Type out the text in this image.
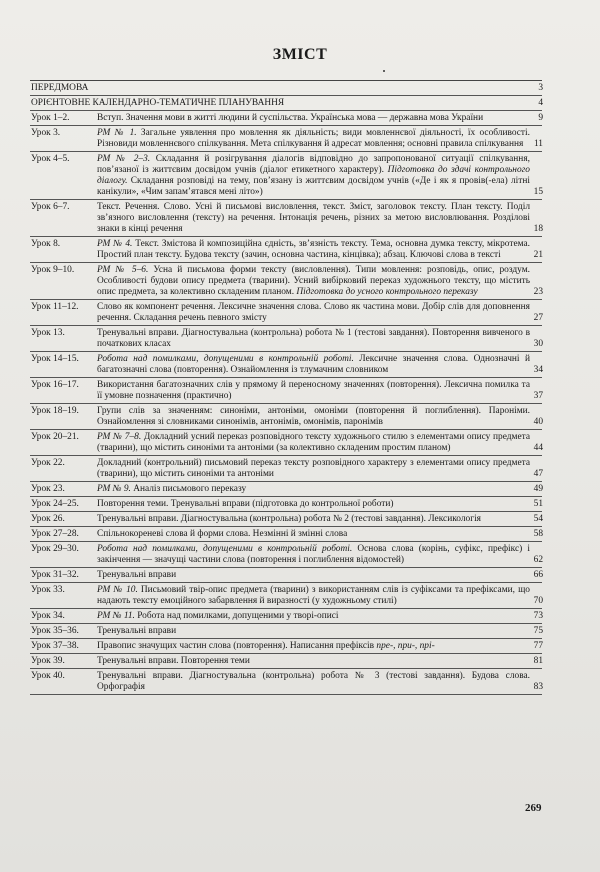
ЗМІСТ
ПЕРЕДМОВА	3
ОРІЄНТОВНЕ КАЛЕНДАРНО-ТЕМАТИЧНЕ ПЛАНУВАННЯ	4
Урок 1–2.	Вступ. Значення мови в житті людини й суспільства. Українська мова — державна мова України	9
Урок 3.	РМ № 1. Загальне уявлення про мовлення як діяльність; види мовленнєвої діяльності, їх особливості. Різновиди мовленнєвого спілкування. Мета спілкування й адресат мовлення; основні правила спілкування	11
Урок 4–5.	РМ № 2–3. Складання й розігрування діалогів відповідно до запропонованої ситуації спілкування, пов’язаної із життєвим досвідом учнів (діалог етикетного характеру). Підготовка до здачі контрольного діалогу. Складання розповіді на тему, пов’язану із життєвим досвідом учнів («Де і як я провів(-ела) літні канікули», «Чим запам’ятався мені літо»)	15
Урок 6–7.	Текст. Речення. Слово. Усні й письмові висловлення, текст. Зміст, заголовок тексту. План тексту. Поділ зв’язного висловлення (тексту) на речення. Інтонація речень, різних за метою висловлювання. Розділові знаки в кінці речення	18
Урок 8.	РМ № 4. Текст. Змістова й композиційна єдність, зв’язність тексту. Тема, основна думка тексту, мікротема. Простий план тексту. Будова тексту (зачин, основна частина, кінцівка); абзац. Ключові слова в тексті	21
Урок 9–10.	РМ № 5–6. Усна й письмова форми тексту (висловлення). Типи мовлення: розповідь, опис, роздум. Особливості будови опису предмета (тварини). Усний вибірковий переказ художнього тексту, що містить опис предмета, за колективно складеним планом. Підготовка до усного контрольного переказу	23
Урок 11–12.	Слово як компонент речення. Лексичне значення слова. Слово як частина мови. Добір слів для доповнення речення. Складання речень певного змісту	27
Урок 13.	Тренувальні вправи. Діагностувальна (контрольна) робота № 1 (тестові завдання). Повторення вивченого в початкових класах	30
Урок 14–15.	Робота над помилками, допущеними в контрольній роботі. Лексичне значення слова. Однозначні й багатозначні слова (повторення). Ознайомлення із тлумачним словником	34
Урок 16–17.	Використання багатозначних слів у прямому й переносному значеннях (повторення). Лексична помилка та її умовне позначення (практично)	37
Урок 18–19.	Групи слів за значенням: синоніми, антоніми, омоніми (повторення й поглиблення). Пароніми. Ознайомлення зі словниками синонімів, антонімів, омонімів, паронімів	40
Урок 20–21.	РМ № 7–8. Докладний усний переказ розповідного тексту художнього стилю з елементами опису предмета (тварини), що містить синоніми та антоніми (за колективно складеним простим планом)	44
Урок 22.	Докладний (контрольний) письмовий переказ тексту розповідного характеру з елементами опису предмета (тварини), що містить синоніми та антоніми	47
Урок 23.	РМ № 9. Аналіз письмового переказу	49
Урок 24–25.	Повторення теми. Тренувальні вправи (підготовка до контрольної роботи)	51
Урок 26.	Тренувальні вправи. Діагностувальна (контрольна) робота № 2 (тестові завдання). Лексикологія	54
Урок 27–28.	Спільнокореневі слова й форми слова. Незмінні й змінні слова	58
Урок 29–30.	Робота над помилками, допущеними в контрольній роботі. Основа слова (корінь, суфікс, префікс) і закінчення — значущі частини слова (повторення і поглиблення відомостей)	62
Урок 31–32.	Тренувальні вправи	66
Урок 33.	РМ № 10. Письмовий твір-опис предмета (тварини) з використанням слів із суфіксами та префіксами, що надають тексту емоційного забарвлення й виразності (у художньому стилі)	70
Урок 34.	РМ № 11. Робота над помилками, допущеними у творі-описі	73
Урок 35–36.	Тренувальні вправи	75
Урок 37–38.	Правопис значущих частин слова (повторення). Написання префіксів пре-, при-, прі-	77
Урок 39.	Тренувальні вправи. Повторення теми	81
Урок 40.	Тренувальні вправи. Діагностувальна (контрольна) робота № 3 (тестові завдання). Будова слова. Орфографія	83
269
